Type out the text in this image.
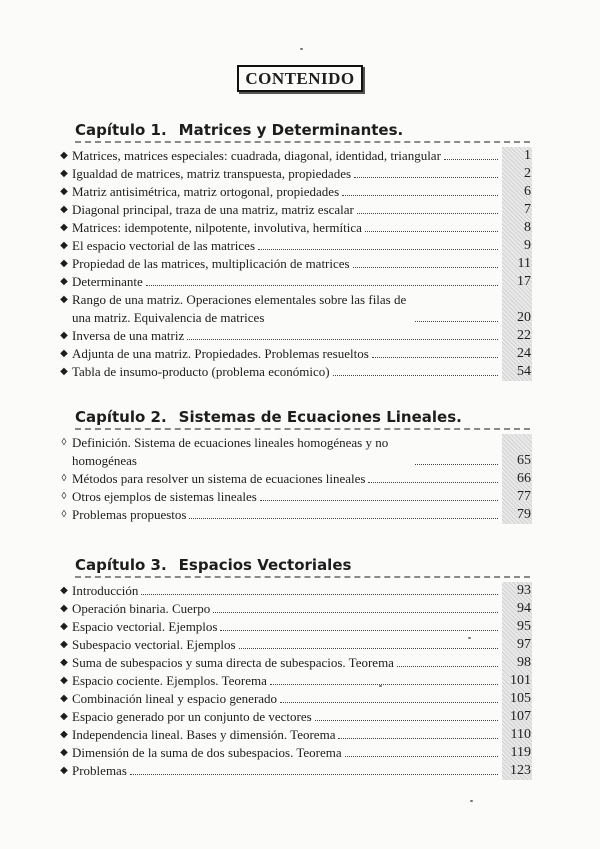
CONTENIDO
Capítulo 1. Matrices y Determinantes.
◆ Matrices, matrices especiales: cuadrada, diagonal, identidad, triangular	1
◆ Igualdad de matrices, matriz transpuesta, propiedades	2
◆ Matriz antisimétrica, matriz ortogonal, propiedades	6
◆ Diagonal principal, traza de una matriz, matriz escalar	7
◆ Matrices: idempotente, nilpotente, involutiva, hermítica	8
◆ El espacio vectorial de las matrices	9
◆ Propiedad de las matrices, multiplicación de matrices	11
◆ Determinante	17
◆ Rango de una matriz. Operaciones elementales sobre las filas de una matriz. Equivalencia de matrices	20
◆ Inversa de una matriz	22
◆ Adjunta de una matriz. Propiedades. Problemas resueltos	24
◆ Tabla de insumo-producto (problema económico)	54
Capítulo 2. Sistemas de Ecuaciones Lineales.
◊ Definición. Sistema de ecuaciones lineales homogéneas y no homogéneas	65
◊ Métodos para resolver un sistema de ecuaciones lineales	66
◊ Otros ejemplos de sistemas lineales	77
◊ Problemas propuestos	79
Capítulo 3. Espacios Vectoriales
◆ Introducción	93
◆ Operación binaria. Cuerpo	94
◆ Espacio vectorial. Ejemplos	95
◆ Subespacio vectorial. Ejemplos	97
◆ Suma de subespacios y suma directa de subespacios. Teorema	98
◆ Espacio cociente. Ejemplos. Teorema	101
◆ Combinación lineal y espacio generado	105
◆ Espacio generado por un conjunto de vectores	107
◆ Independencia lineal. Bases y dimensión. Teorema	110
◆ Dimensión de la suma de dos subespacios. Teorema	119
◆ Problemas	123
